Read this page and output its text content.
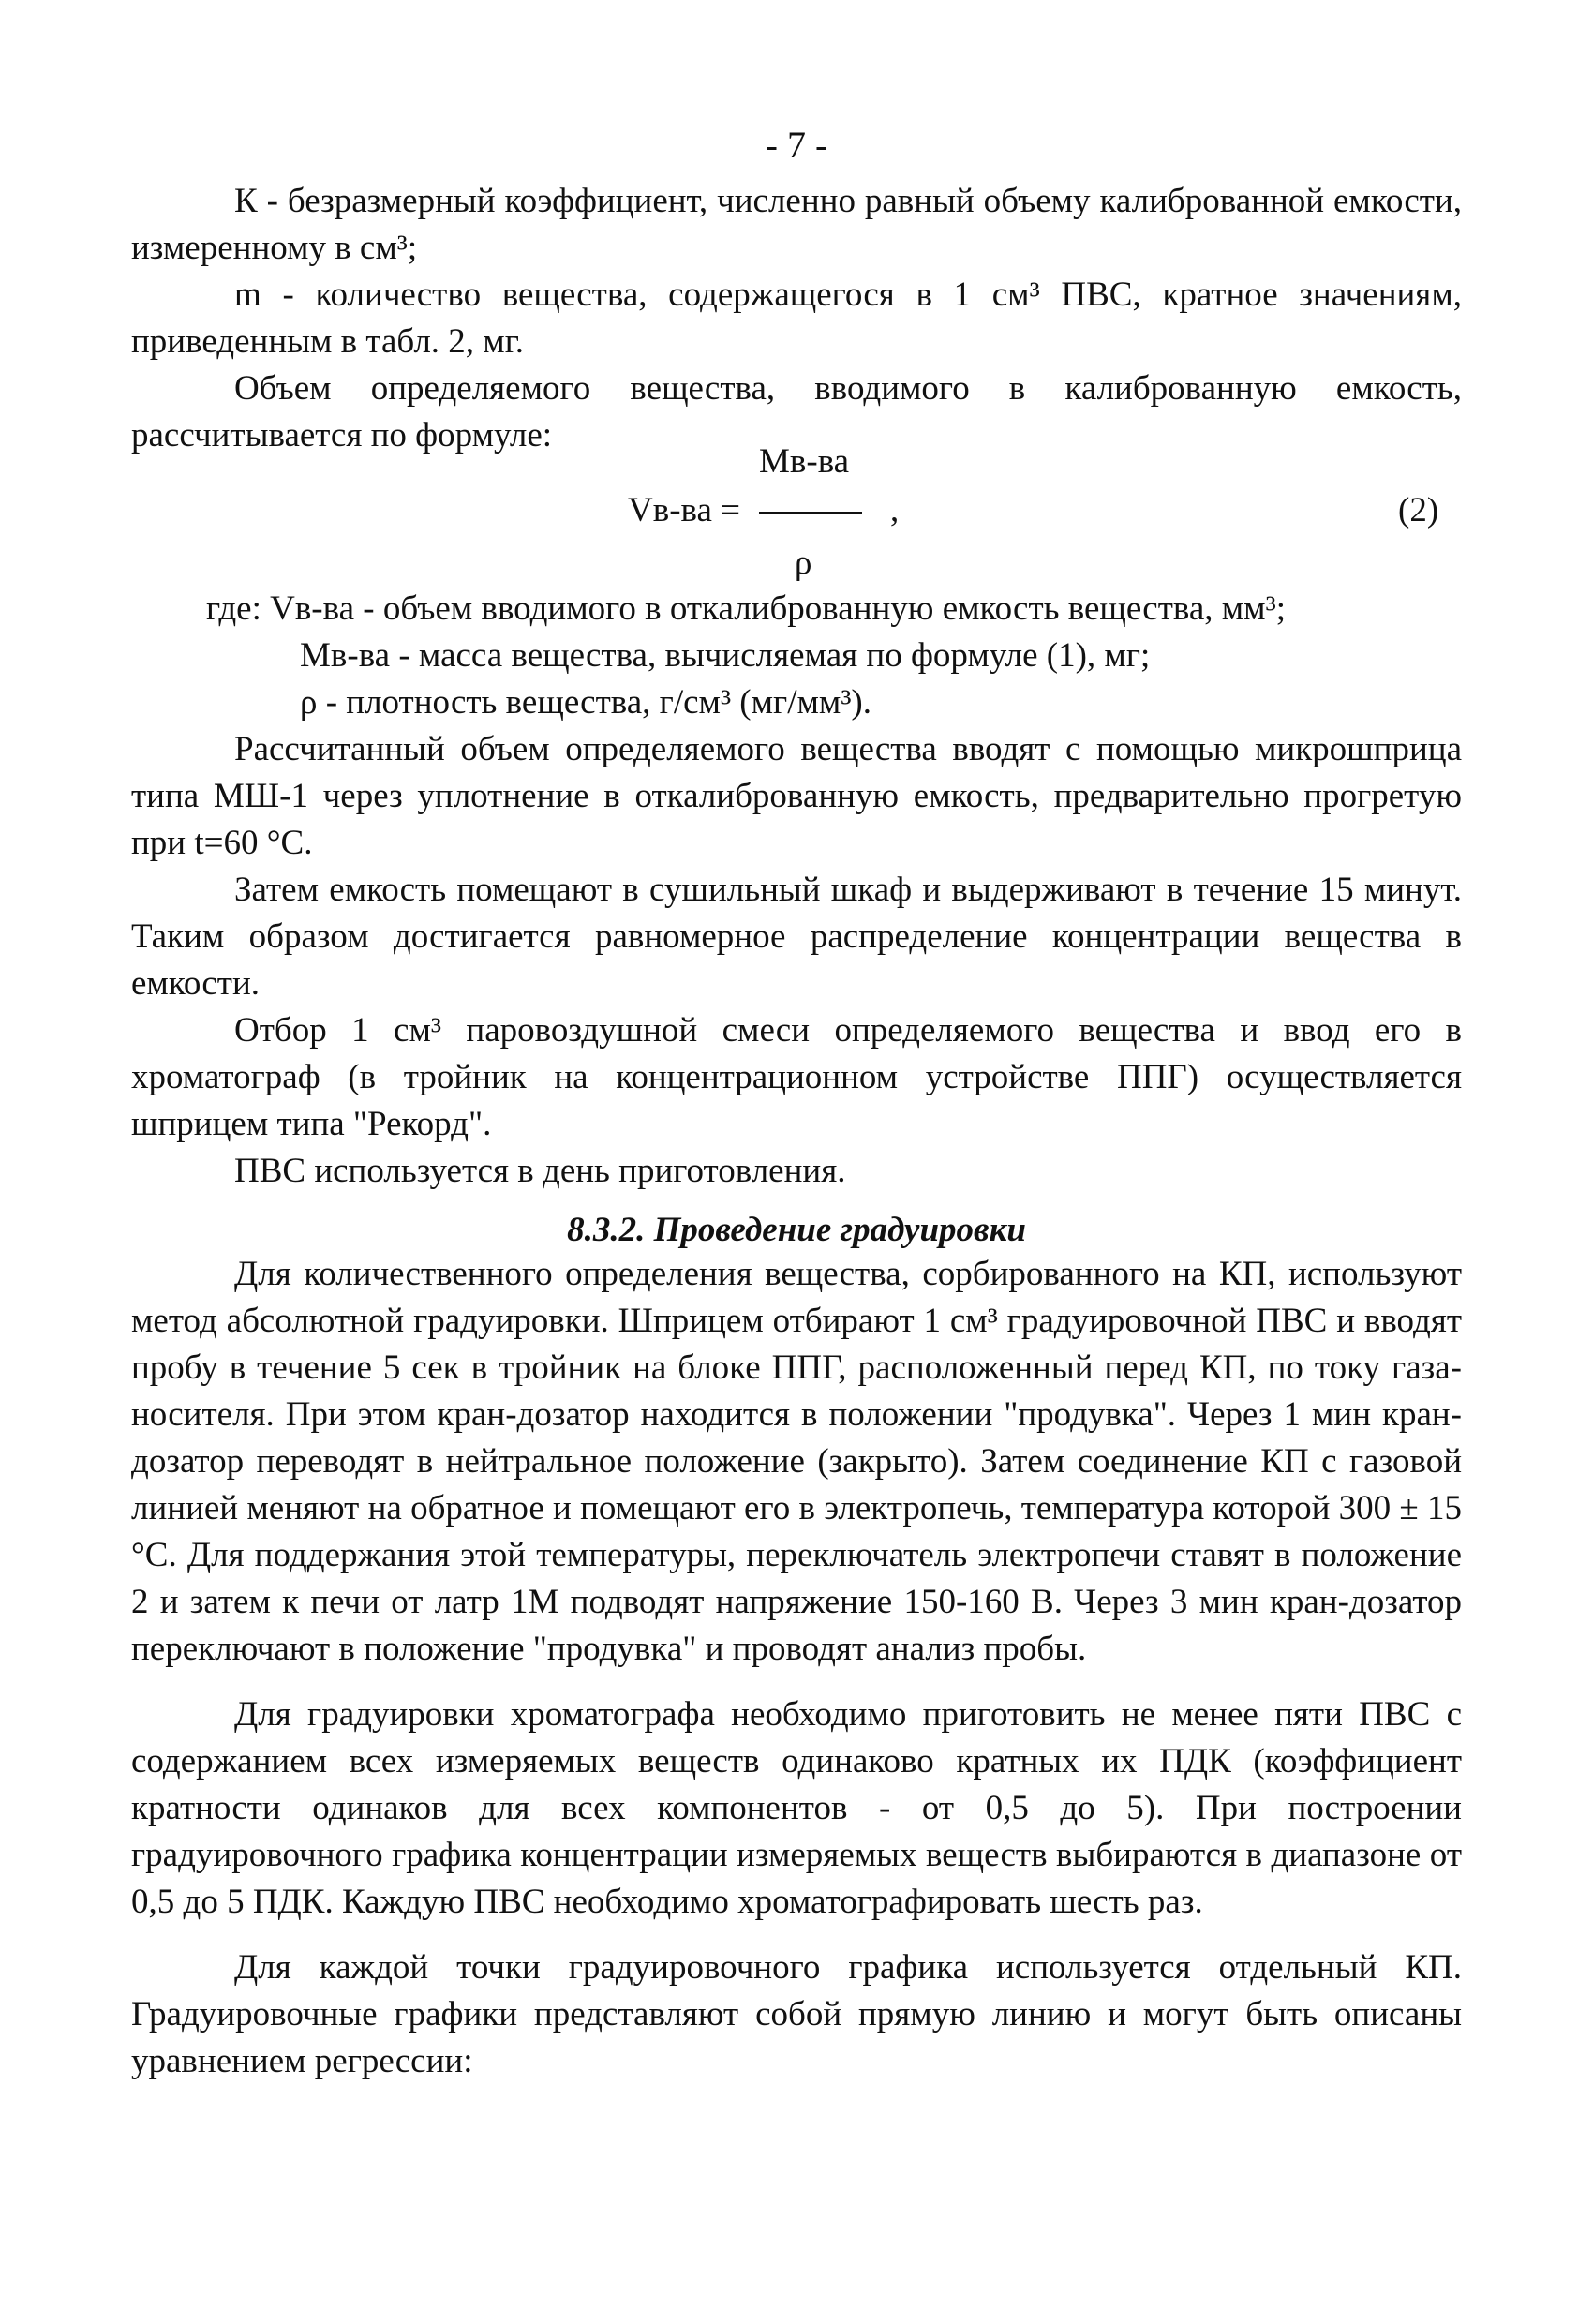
- 7 -

К - безразмерный коэффициент, численно равный объему калиброванной емкости, измеренному в см³;

m - количество вещества, содержащегося в 1 см³ ПВС, кратное значениям, приведенным в табл. 2, мг.

Объем определяемого вещества, вводимого в калиброванную емкость, рассчитывается по формуле:

Mв-ва
Vв-ва =	,
ρ
(2)

где: Vв-ва - объем вводимого в откалиброванную емкость вещества, мм³;

Mв-ва - масса вещества, вычисляемая по формуле (1), мг;

ρ - плотность вещества, г/см³ (мг/мм³).

Рассчитанный объем определяемого вещества вводят с помощью микрошприца типа МШ-1 через уплотнение в откалиброванную емкость, предварительно прогретую при t=60 °С.

Затем емкость помещают в сушильный шкаф и выдерживают в течение 15 минут. Таким образом достигается равномерное распределение концентрации вещества в емкости.

Отбор 1 см³ паровоздушной смеси определяемого вещества и ввод его в хроматограф (в тройник на концентрационном устройстве ППГ) осуществляется шприцем типа "Рекорд".

ПВС используется в день приготовления.

8.3.2. Проведение градуировки

Для количественного определения вещества, сорбированного на КП, используют метод абсолютной градуировки. Шприцем отбирают 1 см³ градуировочной ПВС и вводят пробу в течение 5 сек в тройник на блоке ППГ, расположенный перед КП, по току газа-носителя. При этом кран-дозатор находится в положении "продувка". Через 1 мин кран-дозатор переводят в нейтральное положение (закрыто). Затем соединение КП с газовой линией меняют на обратное и помещают его в электропечь, температура которой 300 ± 15 °С. Для поддержания этой температуры, переключатель электропечи ставят в положение 2 и затем к печи от латр 1М подводят напряжение 150-160 В. Через 3 мин кран-дозатор переключают в положение "продувка" и проводят анализ пробы.

Для градуировки хроматографа необходимо приготовить не менее пяти ПВС с содержанием всех измеряемых веществ одинаково кратных их ПДК (коэффициент кратности одинаков для всех компонентов - от 0,5 до 5). При построении градуировочного графика концентрации измеряемых веществ выбираются в диапазоне от 0,5 до 5 ПДК. Каждую ПВС необходимо хроматографировать шесть раз.

Для каждой точки градуировочного графика используется отдельный КП. Градуировочные графики представляют собой прямую линию и могут быть описаны уравнением регрессии:
